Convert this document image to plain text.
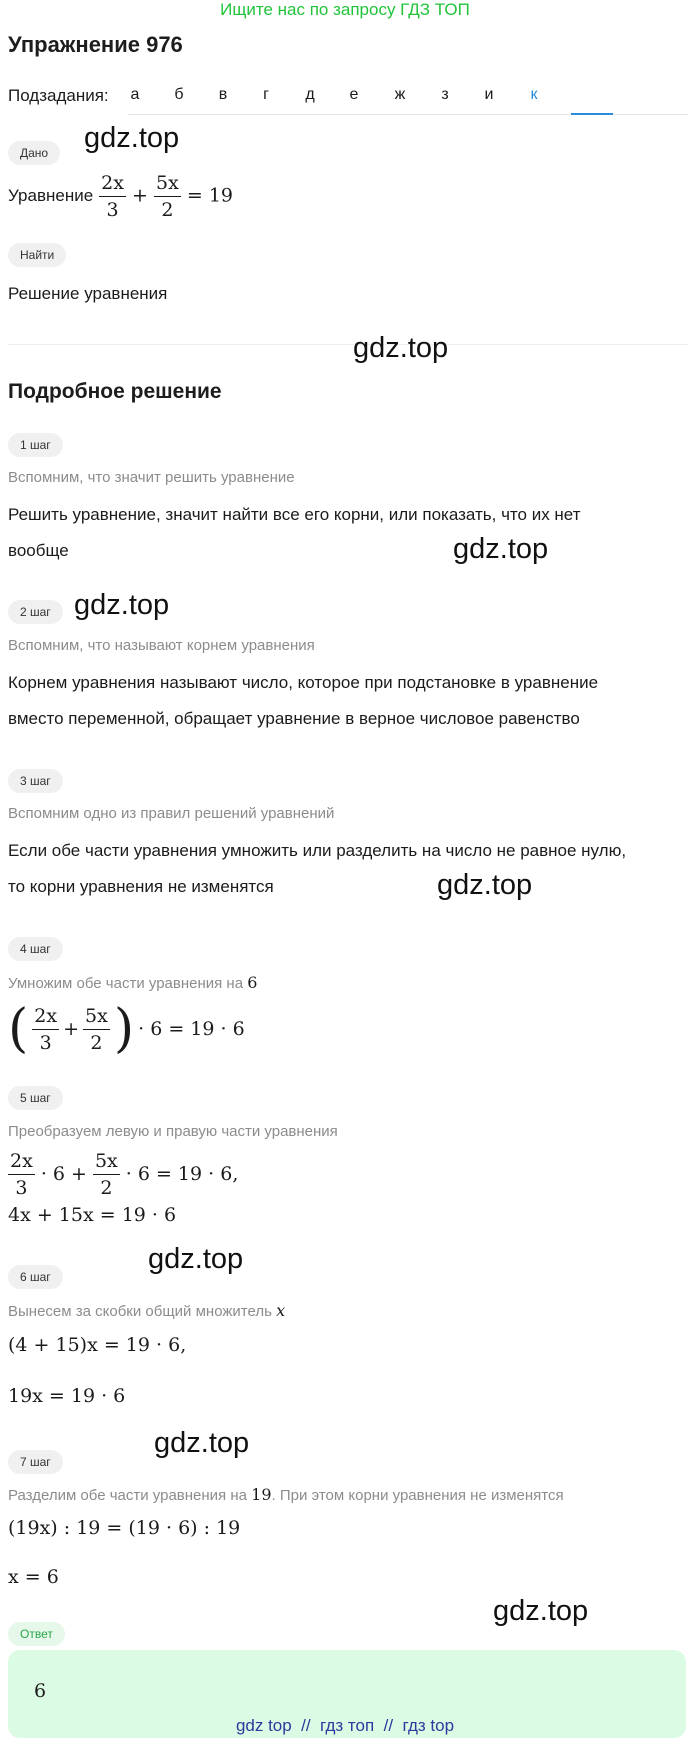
Ищите нас по запросу ГДЗ ТОП
Упражнение 976
Подзадания:	а	б	в	г	д	е	ж	з	и	к
Дано	gdz.top
Уравнение $\frac{2x}{3} + \frac{5x}{2} = 19$
Найти
Решение уравнения
gdz.top
Подробное решение
1 шаг
Вспомним, что значит решить уравнение
Решить уравнение, значит найти все его корни, или показать, что их нет
вообще	gdz.top
2 шаг gdz.top
Вспомним, что называют корнем уравнения
Корнем уравнения называют число, которое при подстановке в уравнение
вместо переменной, обращает уравнение в верное числовое равенство
3 шаг
Вспомним одно из правил решений уравнений
Если обе части уравнения умножить или разделить на число не равное нулю,
то корни уравнения не изменятся	gdz.top
4 шаг
Умножим обе части уравнения на 6
( $\frac{2x}{3} + \frac{5x}{2}$ ) · 6 = 19 · 6
5 шаг
Преобразуем левую и правую части уравнения
$\frac{2x}{3} \cdot 6 + \frac{5x}{2} \cdot 6 = 19 \cdot 6$,
4x + 15x = 19 · 6
gdz.top
6 шаг
Вынесем за скобки общий множитель x
(4 + 15)x = 19 · 6,
19x = 19 · 6
gdz.top
7 шаг
Разделим обе части уравнения на 19. При этом корни уравнения не изменятся
(19x) : 19 = (19 · 6) : 19
x = 6
gdz.top
Ответ
6
gdz top  //  гдз топ  //  гдз top
